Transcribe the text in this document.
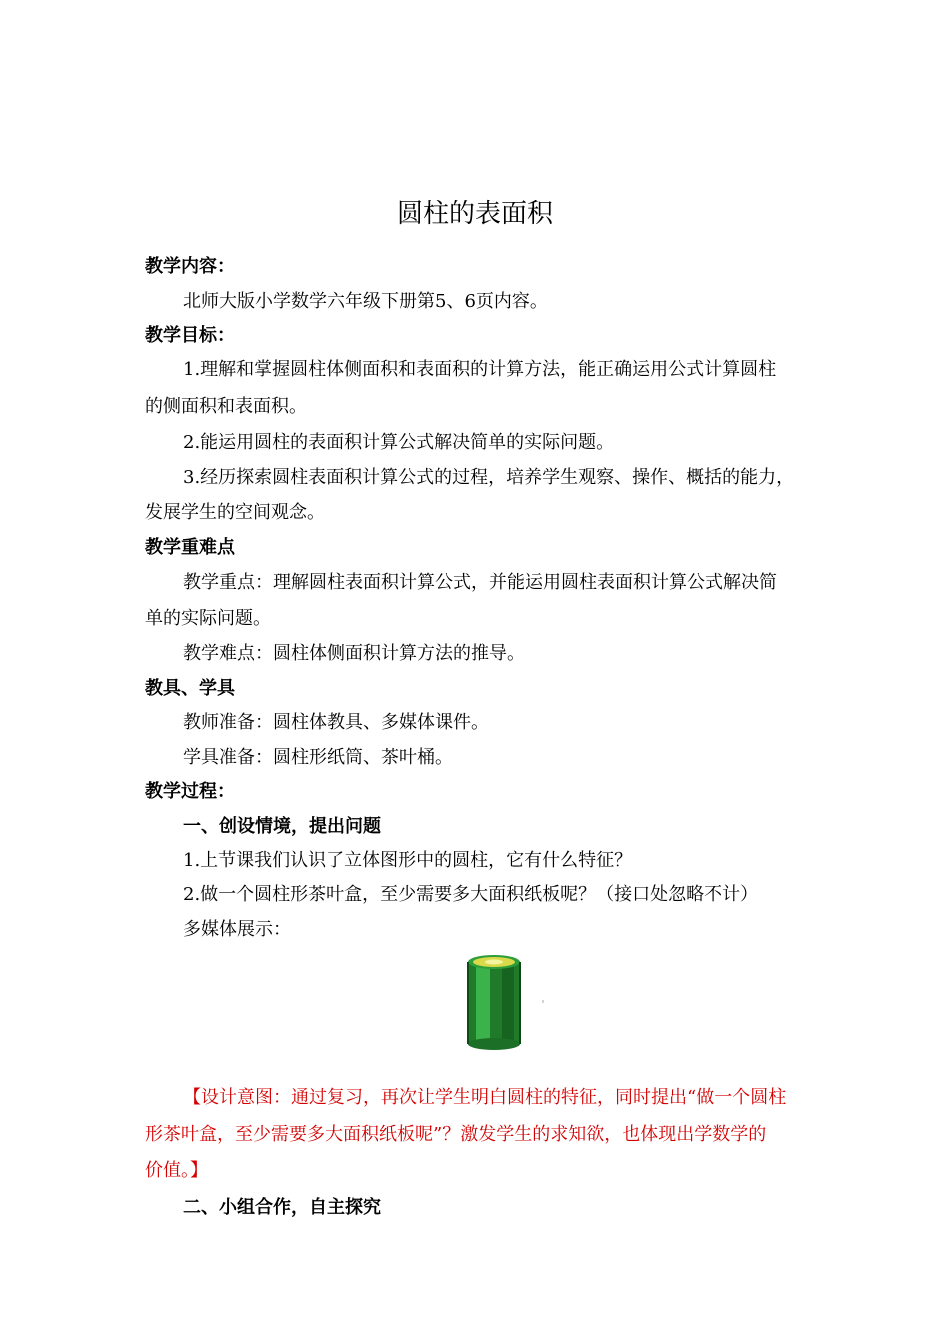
圆柱的表面积
教学内容：
北师大版小学数学六年级下册第5、6页内容。
教学目标：
1.理解和掌握圆柱体侧面积和表面积的计算方法，能正确运用公式计算圆柱
的侧面积和表面积。
2.能运用圆柱的表面积计算公式解决简单的实际问题。
3.经历探索圆柱表面积计算公式的过程，培养学生观察、操作、概括的能力，
发展学生的空间观念。
教学重难点
教学重点：理解圆柱表面积计算公式，并能运用圆柱表面积计算公式解决简
单的实际问题。
教学难点：圆柱体侧面积计算方法的推导。
教具、学具
教师准备：圆柱体教具、多媒体课件。
学具准备：圆柱形纸筒、茶叶桶。
教学过程：
一、创设情境，提出问题
1.上节课我们认识了立体图形中的圆柱，它有什么特征？
2.做一个圆柱形茶叶盒，至少需要多大面积纸板呢？（接口处忽略不计）
多媒体展示：
【设计意图：通过复习，再次让学生明白圆柱的特征，同时提出“做一个圆柱
形茶叶盒，至少需要多大面积纸板呢”？激发学生的求知欲，也体现出学数学的
价值。】
二、小组合作，自主探究
